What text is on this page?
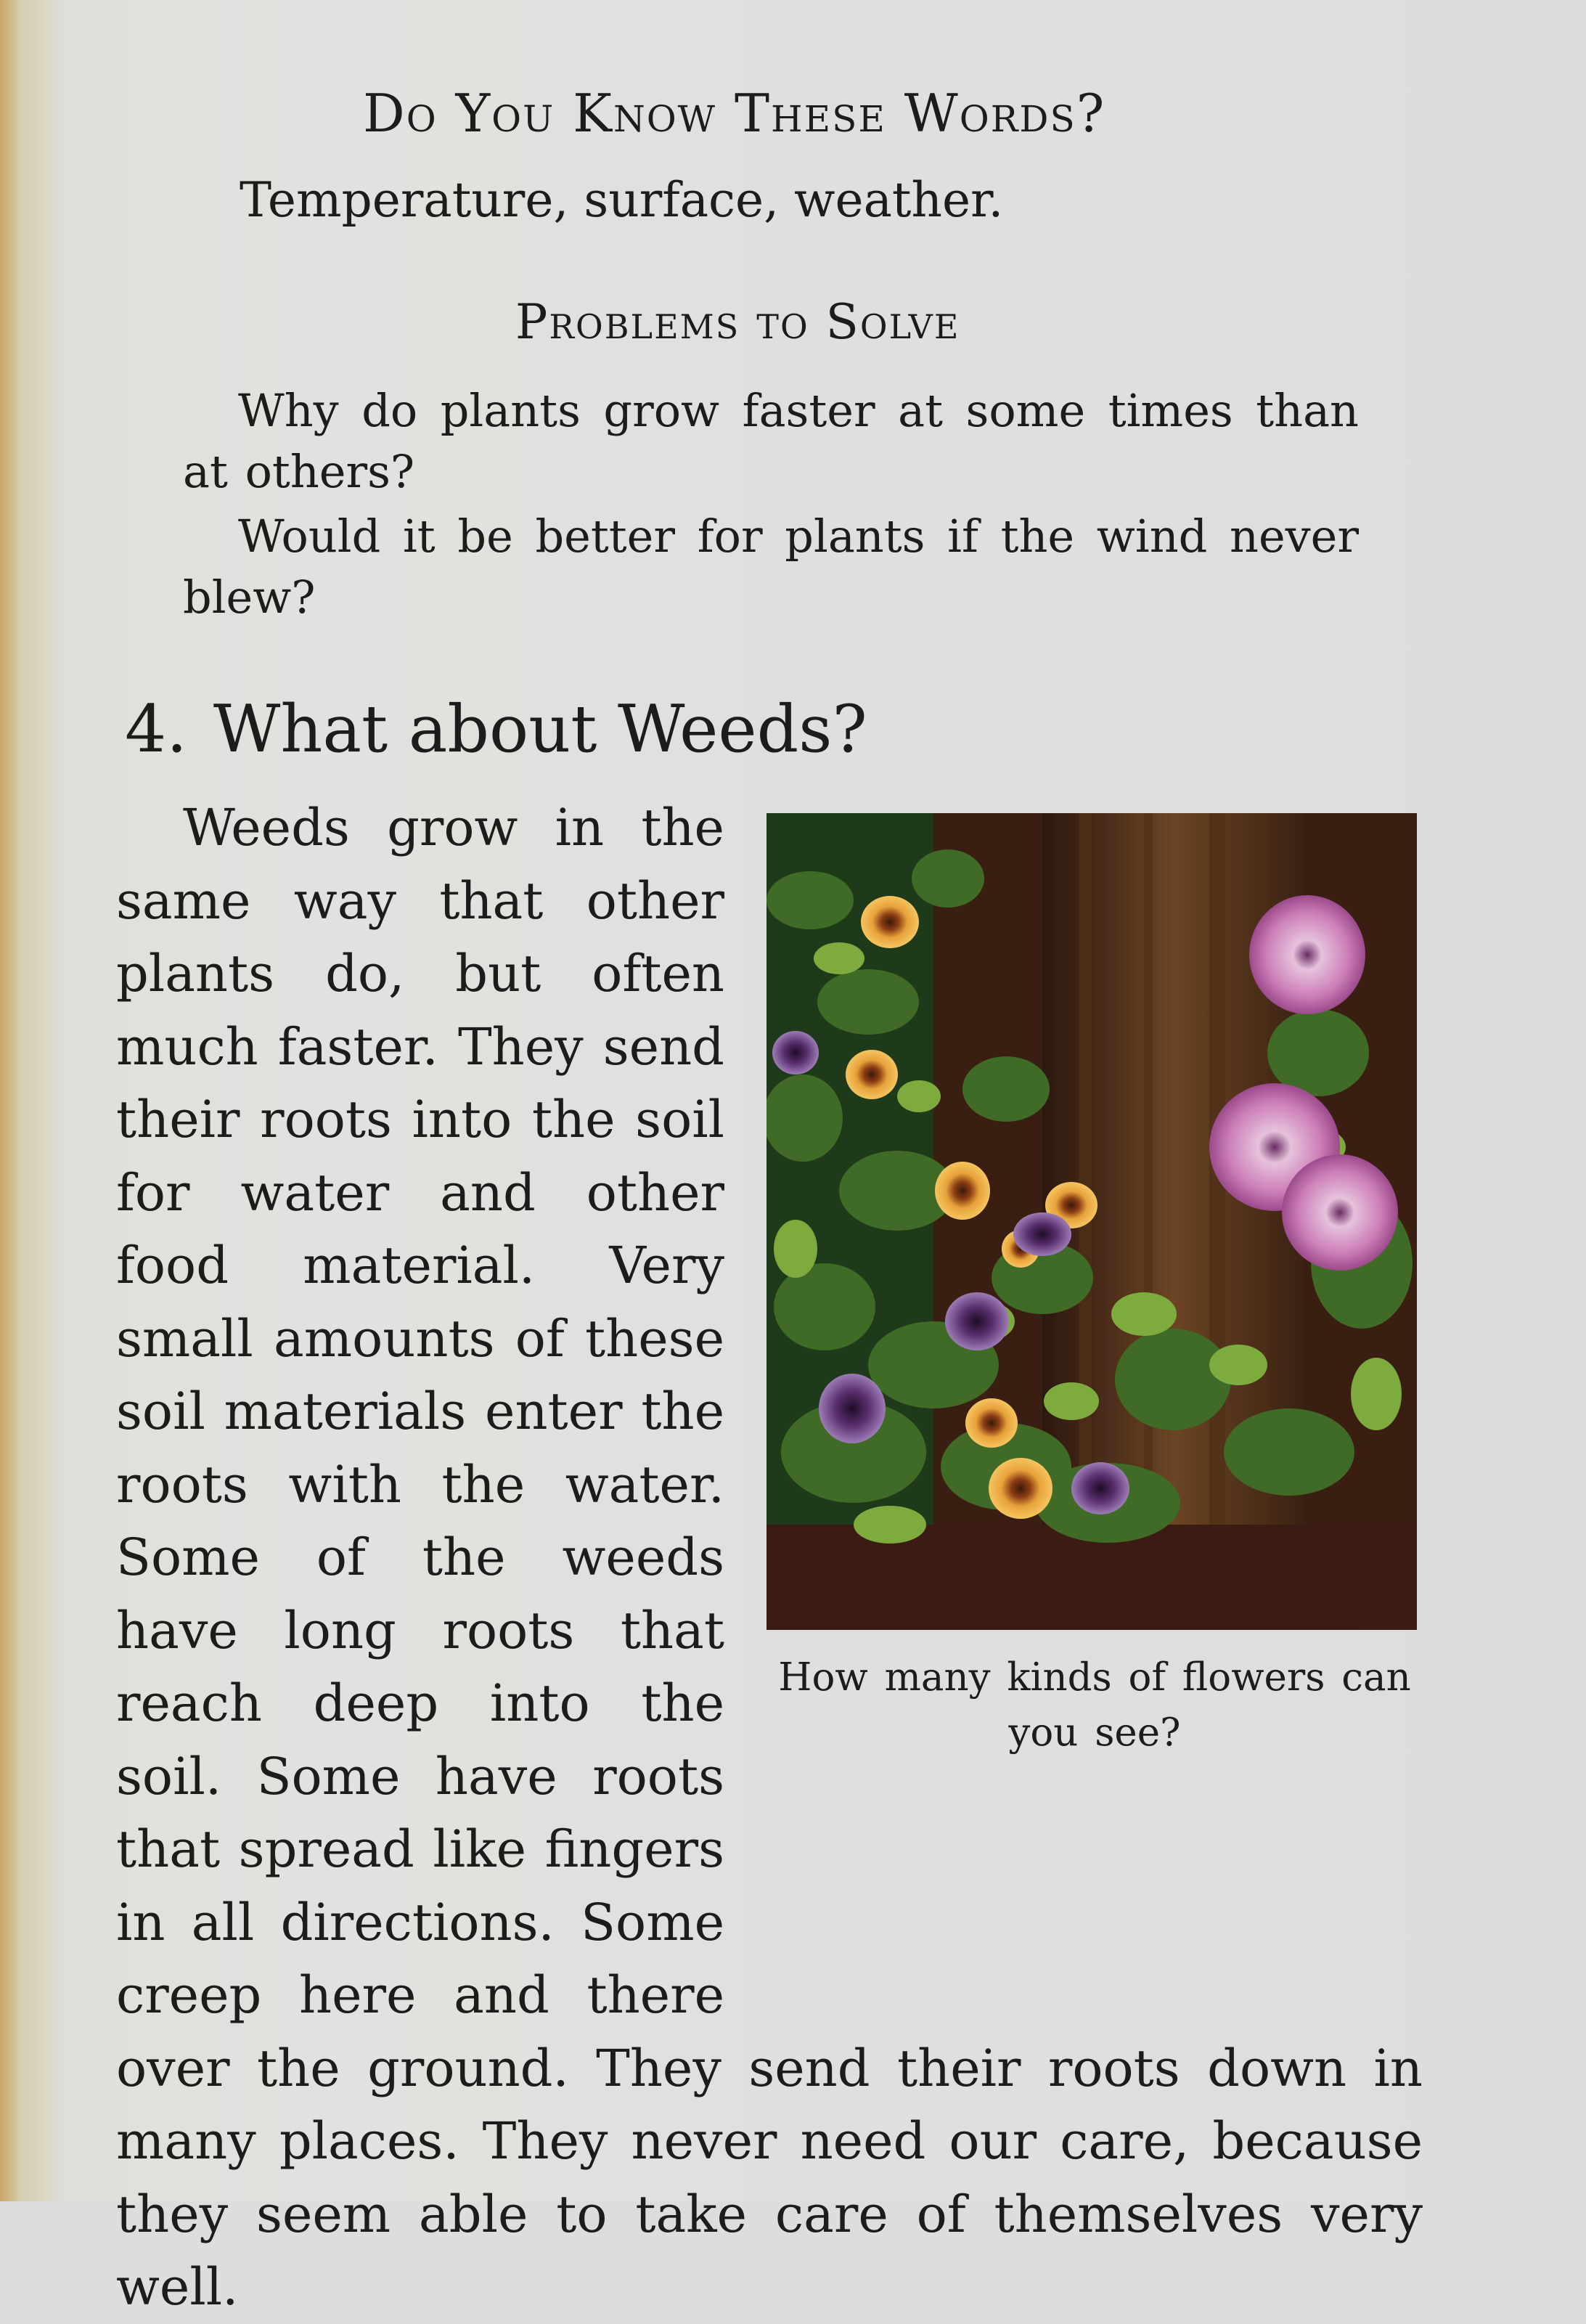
Do You Know These Words?
Temperature, surface, weather.
Problems to Solve
Why do plants grow faster at some times than at others?
Would it be better for plants if the wind never blew?
4. What about Weeds?
How many kinds of flowers can you see?
Weeds grow in the same way that other plants do, but often much faster. They send their roots into the soil for water and other food material. Very small amounts of these soil materials enter the roots with the water. Some of the weeds have long roots that reach deep into the soil. Some have roots that spread like fingers in all directions. Some creep here and there over the ground. They send their roots down in many places. They never need our care, because they seem able to take care of themselves very well.
